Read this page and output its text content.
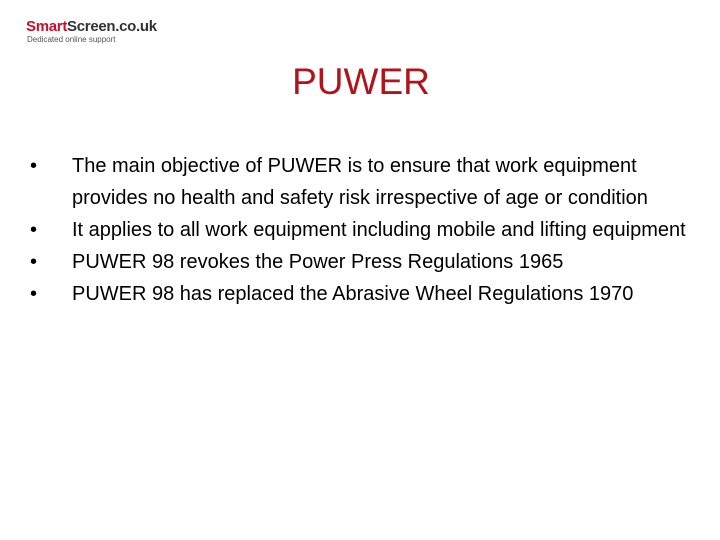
SmartScreen.co.uk
Dedicated online support
PUWER
•	The main objective of PUWER is to ensure that work equipment provides no health and safety risk irrespective of age or condition
•	It applies to all work equipment including mobile and lifting equipment
•	PUWER 98 revokes the Power Press Regulations 1965
•	PUWER 98 has replaced the Abrasive Wheel Regulations 1970
